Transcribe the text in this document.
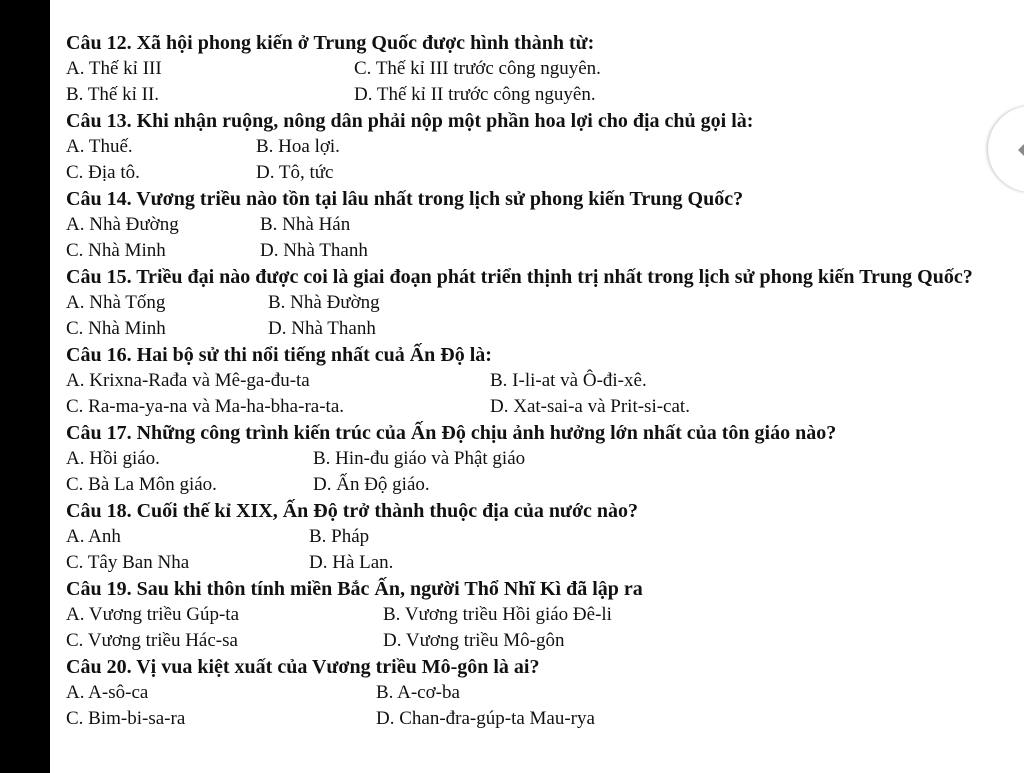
Câu 12. Xã hội phong kiến ở Trung Quốc được hình thành từ:
A. Thế kỉ III	C. Thế kỉ III trước công nguyên.
B. Thế kỉ II.	D. Thế kỉ II trước công nguyên.
Câu 13. Khi nhận ruộng, nông dân phải nộp một phần hoa lợi cho địa chủ gọi là:
A. Thuế.	B. Hoa lợi.
C. Địa tô.	D. Tô, tức
Câu 14. Vương triều nào tồn tại lâu nhất trong lịch sử phong kiến Trung Quốc?
A. Nhà Đường	B. Nhà Hán
C. Nhà Minh	D. Nhà Thanh
Câu 15. Triều đại nào được coi là giai đoạn phát triển thịnh trị nhất trong lịch sử phong kiến Trung Quốc?
A. Nhà Tống	B. Nhà Đường
C. Nhà Minh	D. Nhà Thanh
Câu 16. Hai bộ sử thi nổi tiếng nhất cuả Ấn Độ là:
A. Krixna-Rađa và Mê-ga-đu-ta	B. I-li-at và Ô-đi-xê.
C. Ra-ma-ya-na và Ma-ha-bha-ra-ta.	D. Xat-sai-a và Prit-si-cat.
Câu 17. Những công trình kiến trúc của Ấn Độ chịu ảnh hưởng lớn nhất của tôn giáo nào?
A. Hồi giáo.	B. Hin-đu giáo và Phật giáo
C. Bà La Môn giáo.	D. Ấn Độ giáo.
Câu 18. Cuối thế kỉ XIX, Ấn Độ trở thành thuộc địa của nước nào?
A. Anh	B. Pháp
C. Tây Ban Nha	D. Hà Lan.
Câu 19. Sau khi thôn tính miền Bắc Ấn, người Thổ Nhĩ Kì đã lập ra
A. Vương triều Gúp-ta	B. Vương triều Hồi giáo Đê-li
C. Vương triều Hác-sa	D. Vương triều Mô-gôn
Câu 20. Vị vua kiệt xuất của Vương triều Mô-gôn là ai?
A. A-sô-ca	B. A-cơ-ba
C. Bim-bi-sa-ra	D. Chan-đra-gúp-ta Mau-rya
